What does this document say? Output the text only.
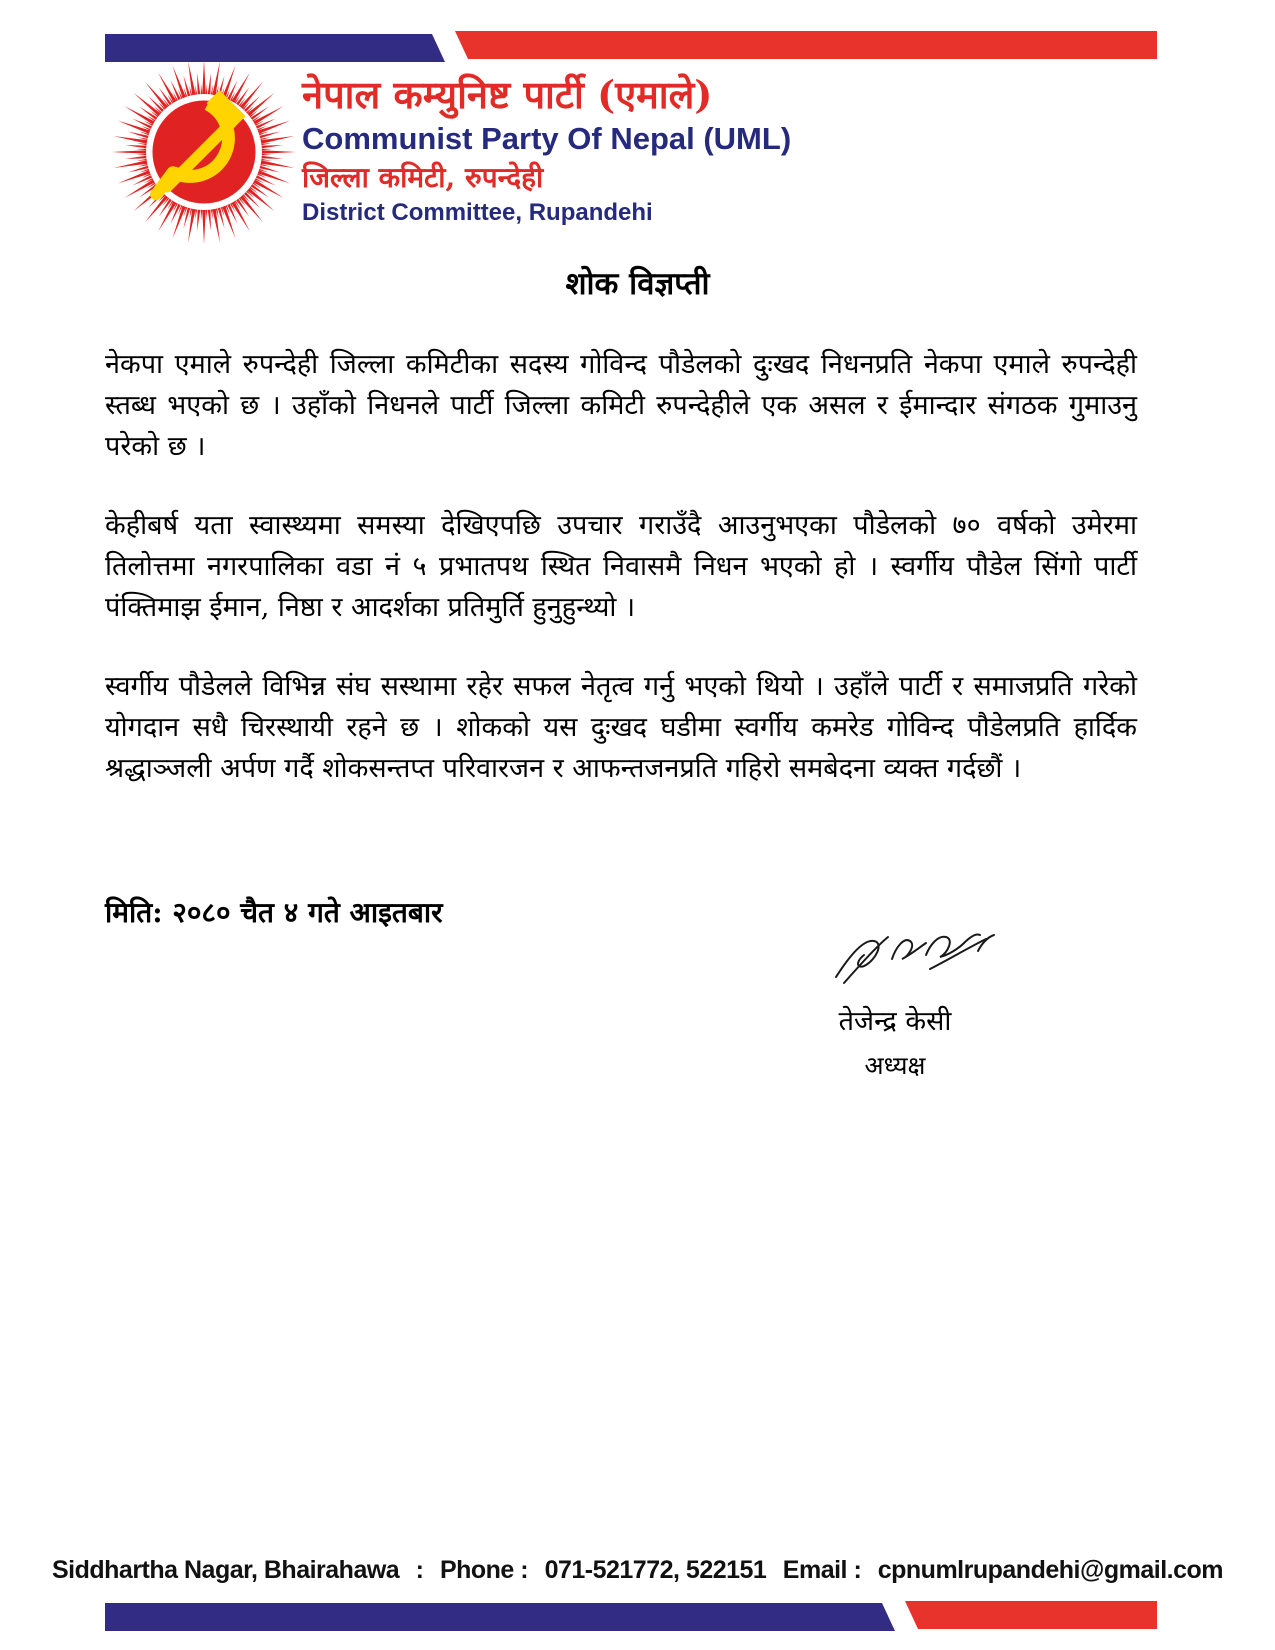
नेपाल कम्युनिष्ट पार्टी (एमाले)
Communist Party Of Nepal (UML)
जिल्ला कमिटी, रुपन्देही
District Committee, Rupandehi
शोक विज्ञप्ती

नेकपा एमाले रुपन्देही जिल्ला कमिटीका सदस्य गोविन्द पौडेलको दुःखद निधनप्रति नेकपा एमाले रुपन्देही स्तब्ध भएको छ । उहाँको निधनले पार्टी जिल्ला कमिटी रुपन्देहीले एक असल र ईमान्दार संगठक गुमाउनु परेको छ ।

केहीबर्ष यता स्वास्थ्यमा समस्या देखिएपछि उपचार गराउँदै आउनुभएका पौडेलको ७० वर्षको उमेरमा तिलोत्तमा नगरपालिका वडा नं ५ प्रभातपथ स्थित निवासमै निधन भएको हो । स्वर्गीय पौडेल सिंगो पार्टी पंक्तिमाझ ईमान, निष्ठा र आदर्शका प्रतिमुर्ति हुनुहुन्थ्यो ।

स्वर्गीय पौडेलले विभिन्न संघ सस्थामा रहेर सफल नेतृत्व गर्नु भएको थियो । उहाँले पार्टी र समाजप्रति गरेको योगदान सधै चिरस्थायी रहने छ । शोकको यस दुःखद घडीमा स्वर्गीय कमरेड गोविन्द पौडेलप्रति हार्दिक श्रद्धाञ्जली अर्पण गर्दै शोकसन्तप्त परिवारजन र आफन्तजनप्रति गहिरो समबेदना व्यक्त गर्दछौं ।

मिति: २०८० चैत ४ गते आइतबार
तेजेन्द्र केसी
अध्यक्ष
Siddhartha Nagar, Bhairahawa : Phone : 071-521772, 522151 Email : cpnumlrupandehi@gmail.com
